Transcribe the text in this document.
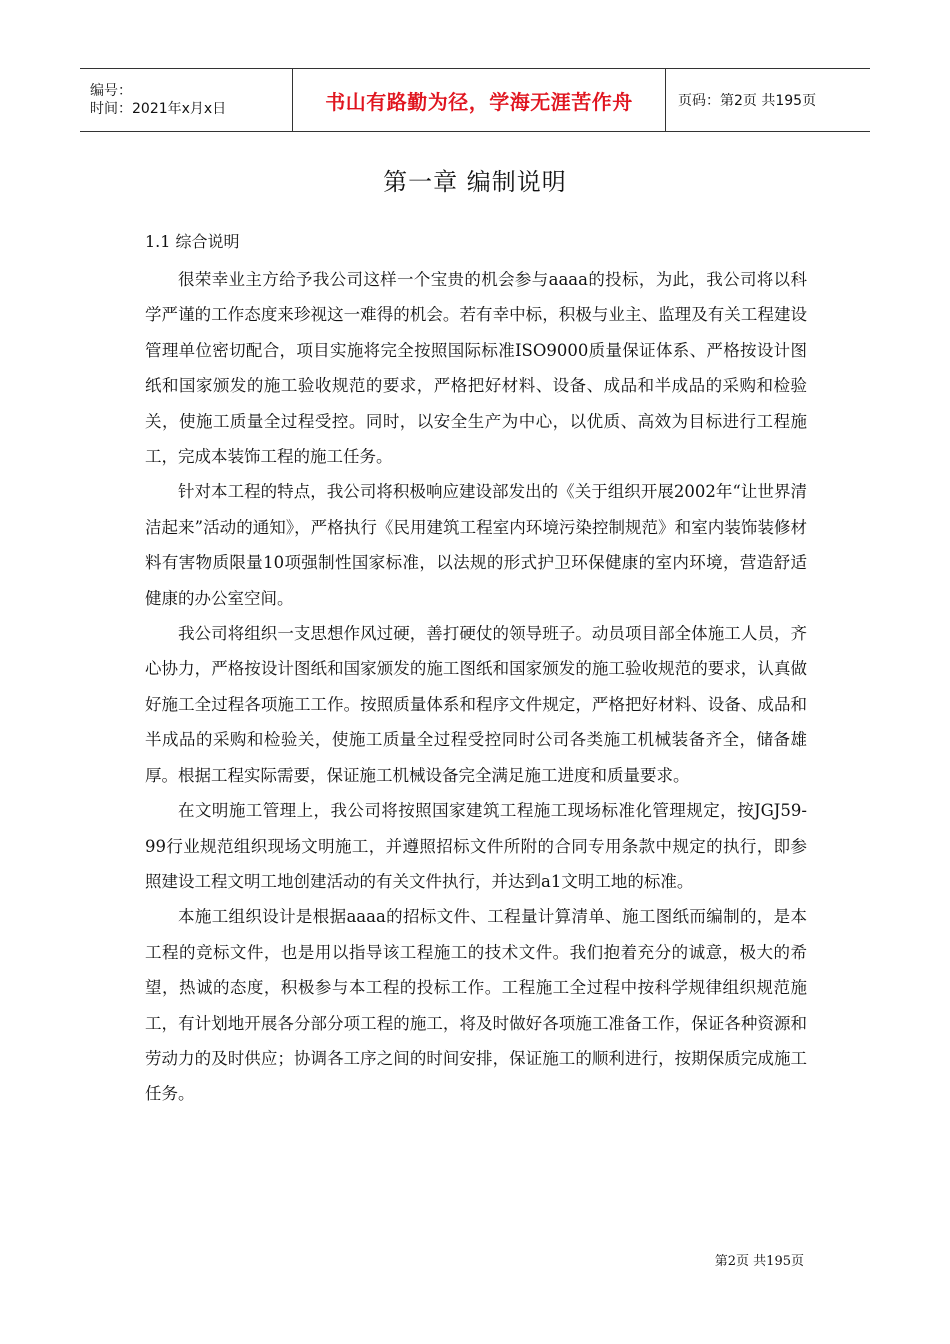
编号：
时间：2021年x月x日	书山有路勤为径，学海无涯苦作舟	页码：第2页 共195页
第一章 编制说明

1.1 综合说明

很荣幸业主方给予我公司这样一个宝贵的机会参与aaaa的投标，为此，我公司将以科学严谨的工作态度来珍视这一难得的机会。若有幸中标，积极与业主、监理及有关工程建设管理单位密切配合，项目实施将完全按照国际标准ISO9000质量保证体系、严格按设计图纸和国家颁发的施工验收规范的要求，严格把好材料、设备、成品和半成品的采购和检验关，使施工质量全过程受控。同时，以安全生产为中心，以优质、高效为目标进行工程施工，完成本装饰工程的施工任务。

针对本工程的特点，我公司将积极响应建设部发出的《关于组织开展2002年“让世界清洁起来”活动的通知》，严格执行《民用建筑工程室内环境污染控制规范》和室内装饰装修材料有害物质限量10项强制性国家标准，以法规的形式护卫环保健康的室内环境，营造舒适健康的办公室空间。

我公司将组织一支思想作风过硬，善打硬仗的领导班子。动员项目部全体施工人员，齐心协力，严格按设计图纸和国家颁发的施工图纸和国家颁发的施工验收规范的要求，认真做好施工全过程各项施工工作。按照质量体系和程序文件规定，严格把好材料、设备、成品和半成品的采购和检验关，使施工质量全过程受控同时公司各类施工机械装备齐全，储备雄厚。根据工程实际需要，保证施工机械设备完全满足施工进度和质量要求。

在文明施工管理上，我公司将按照国家建筑工程施工现场标准化管理规定，按JGJ59-99行业规范组织现场文明施工，并遵照招标文件所附的合同专用条款中规定的执行，即参照建设工程文明工地创建活动的有关文件执行，并达到a1文明工地的标准。

本施工组织设计是根据aaaa的招标文件、工程量计算清单、施工图纸而编制的，是本工程的竞标文件，也是用以指导该工程施工的技术文件。我们抱着充分的诚意，极大的希望，热诚的态度，积极参与本工程的投标工作。工程施工全过程中按科学规律组织规范施工，有计划地开展各分部分项工程的施工，将及时做好各项施工准备工作，保证各种资源和劳动力的及时供应；协调各工序之间的时间安排，保证施工的顺利进行，按期保质完成施工任务。

第2页 共195页
